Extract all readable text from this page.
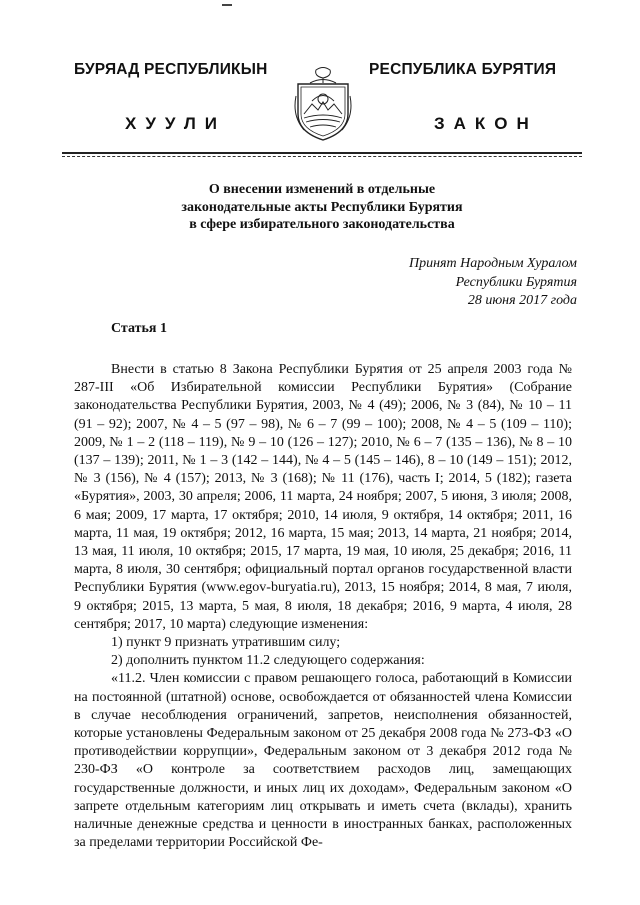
БУРЯАД РЕСПУБЛИКЫН	РЕСПУБЛИКА БУРЯТИЯ
ХУУЛИ	ЗАКОН
О внесении изменений в отдельные
законодательные акты Республики Бурятия
в сфере избирательного законодательства
Принят Народным Хуралом
Республики Бурятия
28 июня 2017 года
Статья 1

Внести в статью 8 Закона Республики Бурятия от 25 апреля 2003 года № 287-III «Об Избирательной комиссии Республики Бурятия» (Собрание законодательства Республики Бурятия, 2003, № 4 (49); 2006, № 3 (84), № 10 – 11 (91 – 92); 2007, № 4 – 5 (97 – 98), № 6 – 7 (99 – 100); 2008, № 4 – 5 (109 – 110); 2009, № 1 – 2 (118 – 119), № 9 – 10 (126 – 127); 2010, № 6 – 7 (135 – 136), № 8 – 10 (137 – 139); 2011, № 1 – 3 (142 – 144), № 4 – 5 (145 – 146), 8 – 10 (149 – 151); 2012, № 3 (156), № 4 (157); 2013, № 3 (168); № 11 (176), часть I; 2014, 5 (182); газета «Бурятия», 2003, 30 апреля; 2006, 11 марта, 24 ноября; 2007, 5 июня, 3 июля; 2008, 6 мая; 2009, 17 марта, 17 октября; 2010, 14 июля, 9 октября, 14 октября; 2011, 16 марта, 11 мая, 19 октября; 2012, 16 марта, 15 мая; 2013, 14 марта, 21 ноября; 2014, 13 мая, 11 июля, 10 октября; 2015, 17 марта, 19 мая, 10 июля, 25 декабря; 2016, 11 марта, 8 июля, 30 сентября; официальный портал органов государственной власти Республики Бурятия (www.egov-buryatia.ru), 2013, 15 ноября; 2014, 8 мая, 7 июля, 9 октября; 2015, 13 марта, 5 мая, 8 июля, 18 декабря; 2016, 9 марта, 4 июля, 28 сентября; 2017, 10 марта) следующие изменения:

1) пункт 9 признать утратившим силу;

2) дополнить пунктом 11.2 следующего содержания:

«11.2. Член комиссии с правом решающего голоса, работающий в Комиссии на постоянной (штатной) основе, освобождается от обязанностей члена Комиссии в случае несоблюдения ограничений, запретов, неисполнения обязанностей, которые установлены Федеральным законом от 25 декабря 2008 года № 273-ФЗ «О противодействии коррупции», Федеральным законом от 3 декабря 2012 года № 230-ФЗ «О контроле за соответствием расходов лиц, замещающих государственные должности, и иных лиц их доходам», Федеральным законом «О запрете отдельным категориям лиц открывать и иметь счета (вклады), хранить наличные денежные средства и ценности в иностранных банках, расположенных за пределами территории Российской Фе-
